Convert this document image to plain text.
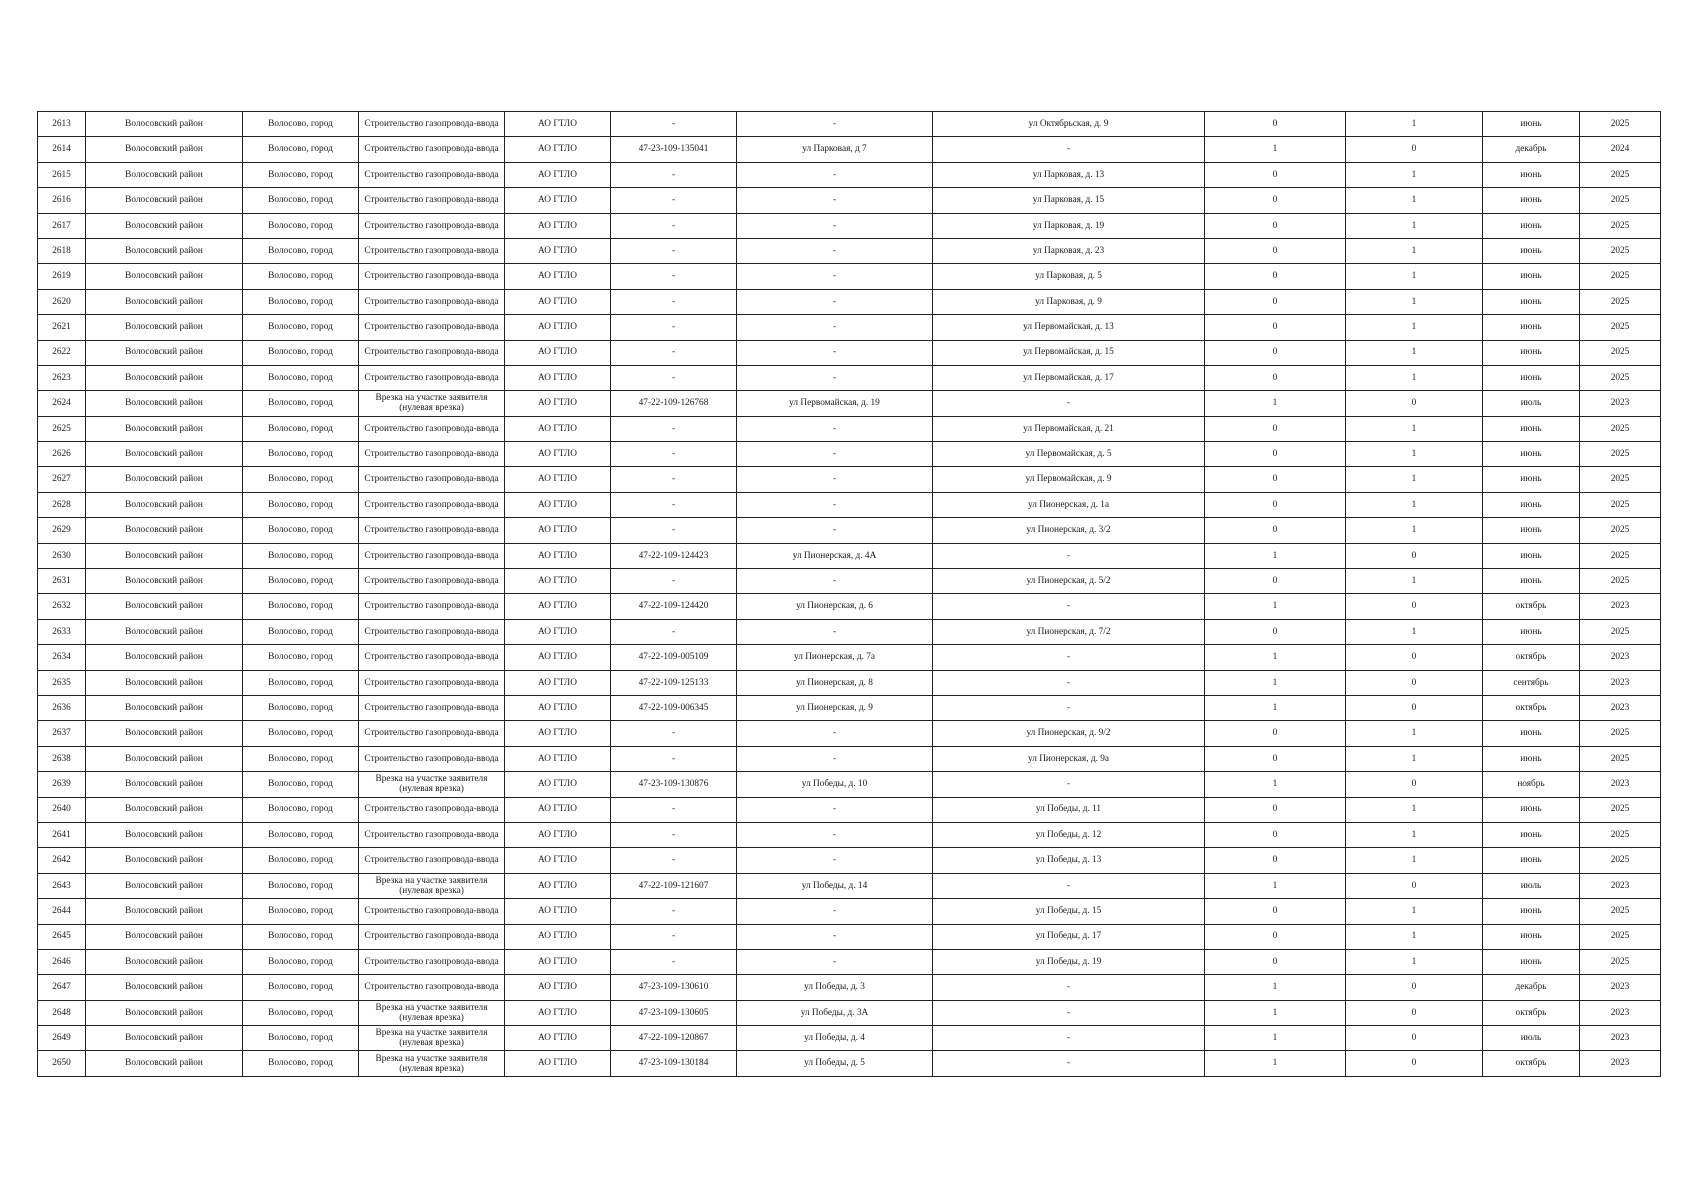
2613	Волосовский район	Волосово, город	Строительство газопровода-ввода	АО ГТЛО	-	-	ул Октябрьская, д. 9	0	1	июнь	2025
2614	Волосовский район	Волосово, город	Строительство газопровода-ввода	АО ГТЛО	47-23-109-135041	ул Парковая, д 7	-	1	0	декабрь	2024
2615	Волосовский район	Волосово, город	Строительство газопровода-ввода	АО ГТЛО	-	-	ул Парковая, д. 13	0	1	июнь	2025
2616	Волосовский район	Волосово, город	Строительство газопровода-ввода	АО ГТЛО	-	-	ул Парковая, д. 15	0	1	июнь	2025
2617	Волосовский район	Волосово, город	Строительство газопровода-ввода	АО ГТЛО	-	-	ул Парковая, д. 19	0	1	июнь	2025
2618	Волосовский район	Волосово, город	Строительство газопровода-ввода	АО ГТЛО	-	-	ул Парковая, д. 23	0	1	июнь	2025
2619	Волосовский район	Волосово, город	Строительство газопровода-ввода	АО ГТЛО	-	-	ул Парковая, д. 5	0	1	июнь	2025
2620	Волосовский район	Волосово, город	Строительство газопровода-ввода	АО ГТЛО	-	-	ул Парковая, д. 9	0	1	июнь	2025
2621	Волосовский район	Волосово, город	Строительство газопровода-ввода	АО ГТЛО	-	-	ул Первомайская, д. 13	0	1	июнь	2025
2622	Волосовский район	Волосово, город	Строительство газопровода-ввода	АО ГТЛО	-	-	ул Первомайская, д. 15	0	1	июнь	2025
2623	Волосовский район	Волосово, город	Строительство газопровода-ввода	АО ГТЛО	-	-	ул Первомайская, д. 17	0	1	июнь	2025
2624	Волосовский район	Волосово, город	Врезка на участке заявителя (нулевая врезка)	АО ГТЛО	47-22-109-126768	ул Первомайская, д. 19	-	1	0	июль	2023
2625	Волосовский район	Волосово, город	Строительство газопровода-ввода	АО ГТЛО	-	-	ул Первомайская, д. 21	0	1	июнь	2025
2626	Волосовский район	Волосово, город	Строительство газопровода-ввода	АО ГТЛО	-	-	ул Первомайская, д. 5	0	1	июнь	2025
2627	Волосовский район	Волосово, город	Строительство газопровода-ввода	АО ГТЛО	-	-	ул Первомайская, д. 9	0	1	июнь	2025
2628	Волосовский район	Волосово, город	Строительство газопровода-ввода	АО ГТЛО	-	-	ул Пионерская, д. 1а	0	1	июнь	2025
2629	Волосовский район	Волосово, город	Строительство газопровода-ввода	АО ГТЛО	-	-	ул Пионерская, д. 3/2	0	1	июнь	2025
2630	Волосовский район	Волосово, город	Строительство газопровода-ввода	АО ГТЛО	47-22-109-124423	ул Пионерская, д. 4А	-	1	0	июнь	2025
2631	Волосовский район	Волосово, город	Строительство газопровода-ввода	АО ГТЛО	-	-	ул Пионерская, д. 5/2	0	1	июнь	2025
2632	Волосовский район	Волосово, город	Строительство газопровода-ввода	АО ГТЛО	47-22-109-124420	ул Пионерская, д. 6	-	1	0	октябрь	2023
2633	Волосовский район	Волосово, город	Строительство газопровода-ввода	АО ГТЛО	-	-	ул Пионерская, д. 7/2	0	1	июнь	2025
2634	Волосовский район	Волосово, город	Строительство газопровода-ввода	АО ГТЛО	47-22-109-005109	ул Пионерская, д. 7а	-	1	0	октябрь	2023
2635	Волосовский район	Волосово, город	Строительство газопровода-ввода	АО ГТЛО	47-22-109-125133	ул Пионерская, д. 8	-	1	0	сентябрь	2023
2636	Волосовский район	Волосово, город	Строительство газопровода-ввода	АО ГТЛО	47-22-109-006345	ул Пионерская, д. 9	-	1	0	октябрь	2023
2637	Волосовский район	Волосово, город	Строительство газопровода-ввода	АО ГТЛО	-	-	ул Пионерская, д. 9/2	0	1	июнь	2025
2638	Волосовский район	Волосово, город	Строительство газопровода-ввода	АО ГТЛО	-	-	ул Пионерская, д. 9а	0	1	июнь	2025
2639	Волосовский район	Волосово, город	Врезка на участке заявителя (нулевая врезка)	АО ГТЛО	47-23-109-130876	ул Победы, д. 10	-	1	0	ноябрь	2023
2640	Волосовский район	Волосово, город	Строительство газопровода-ввода	АО ГТЛО	-	-	ул Победы, д. 11	0	1	июнь	2025
2641	Волосовский район	Волосово, город	Строительство газопровода-ввода	АО ГТЛО	-	-	ул Победы, д. 12	0	1	июнь	2025
2642	Волосовский район	Волосово, город	Строительство газопровода-ввода	АО ГТЛО	-	-	ул Победы, д. 13	0	1	июнь	2025
2643	Волосовский район	Волосово, город	Врезка на участке заявителя (нулевая врезка)	АО ГТЛО	47-22-109-121607	ул Победы, д. 14	-	1	0	июль	2023
2644	Волосовский район	Волосово, город	Строительство газопровода-ввода	АО ГТЛО	-	-	ул Победы, д. 15	0	1	июнь	2025
2645	Волосовский район	Волосово, город	Строительство газопровода-ввода	АО ГТЛО	-	-	ул Победы, д. 17	0	1	июнь	2025
2646	Волосовский район	Волосово, город	Строительство газопровода-ввода	АО ГТЛО	-	-	ул Победы, д. 19	0	1	июнь	2025
2647	Волосовский район	Волосово, город	Строительство газопровода-ввода	АО ГТЛО	47-23-109-130610	ул Победы, д. 3	-	1	0	декабрь	2023
2648	Волосовский район	Волосово, город	Врезка на участке заявителя (нулевая врезка)	АО ГТЛО	47-23-109-130605	ул Победы, д. 3А	-	1	0	октябрь	2023
2649	Волосовский район	Волосово, город	Врезка на участке заявителя (нулевая врезка)	АО ГТЛО	47-22-109-120867	ул Победы, д. 4	-	1	0	июль	2023
2650	Волосовский район	Волосово, город	Врезка на участке заявителя (нулевая врезка)	АО ГТЛО	47-23-109-130184	ул Победы, д. 5	-	1	0	октябрь	2023
